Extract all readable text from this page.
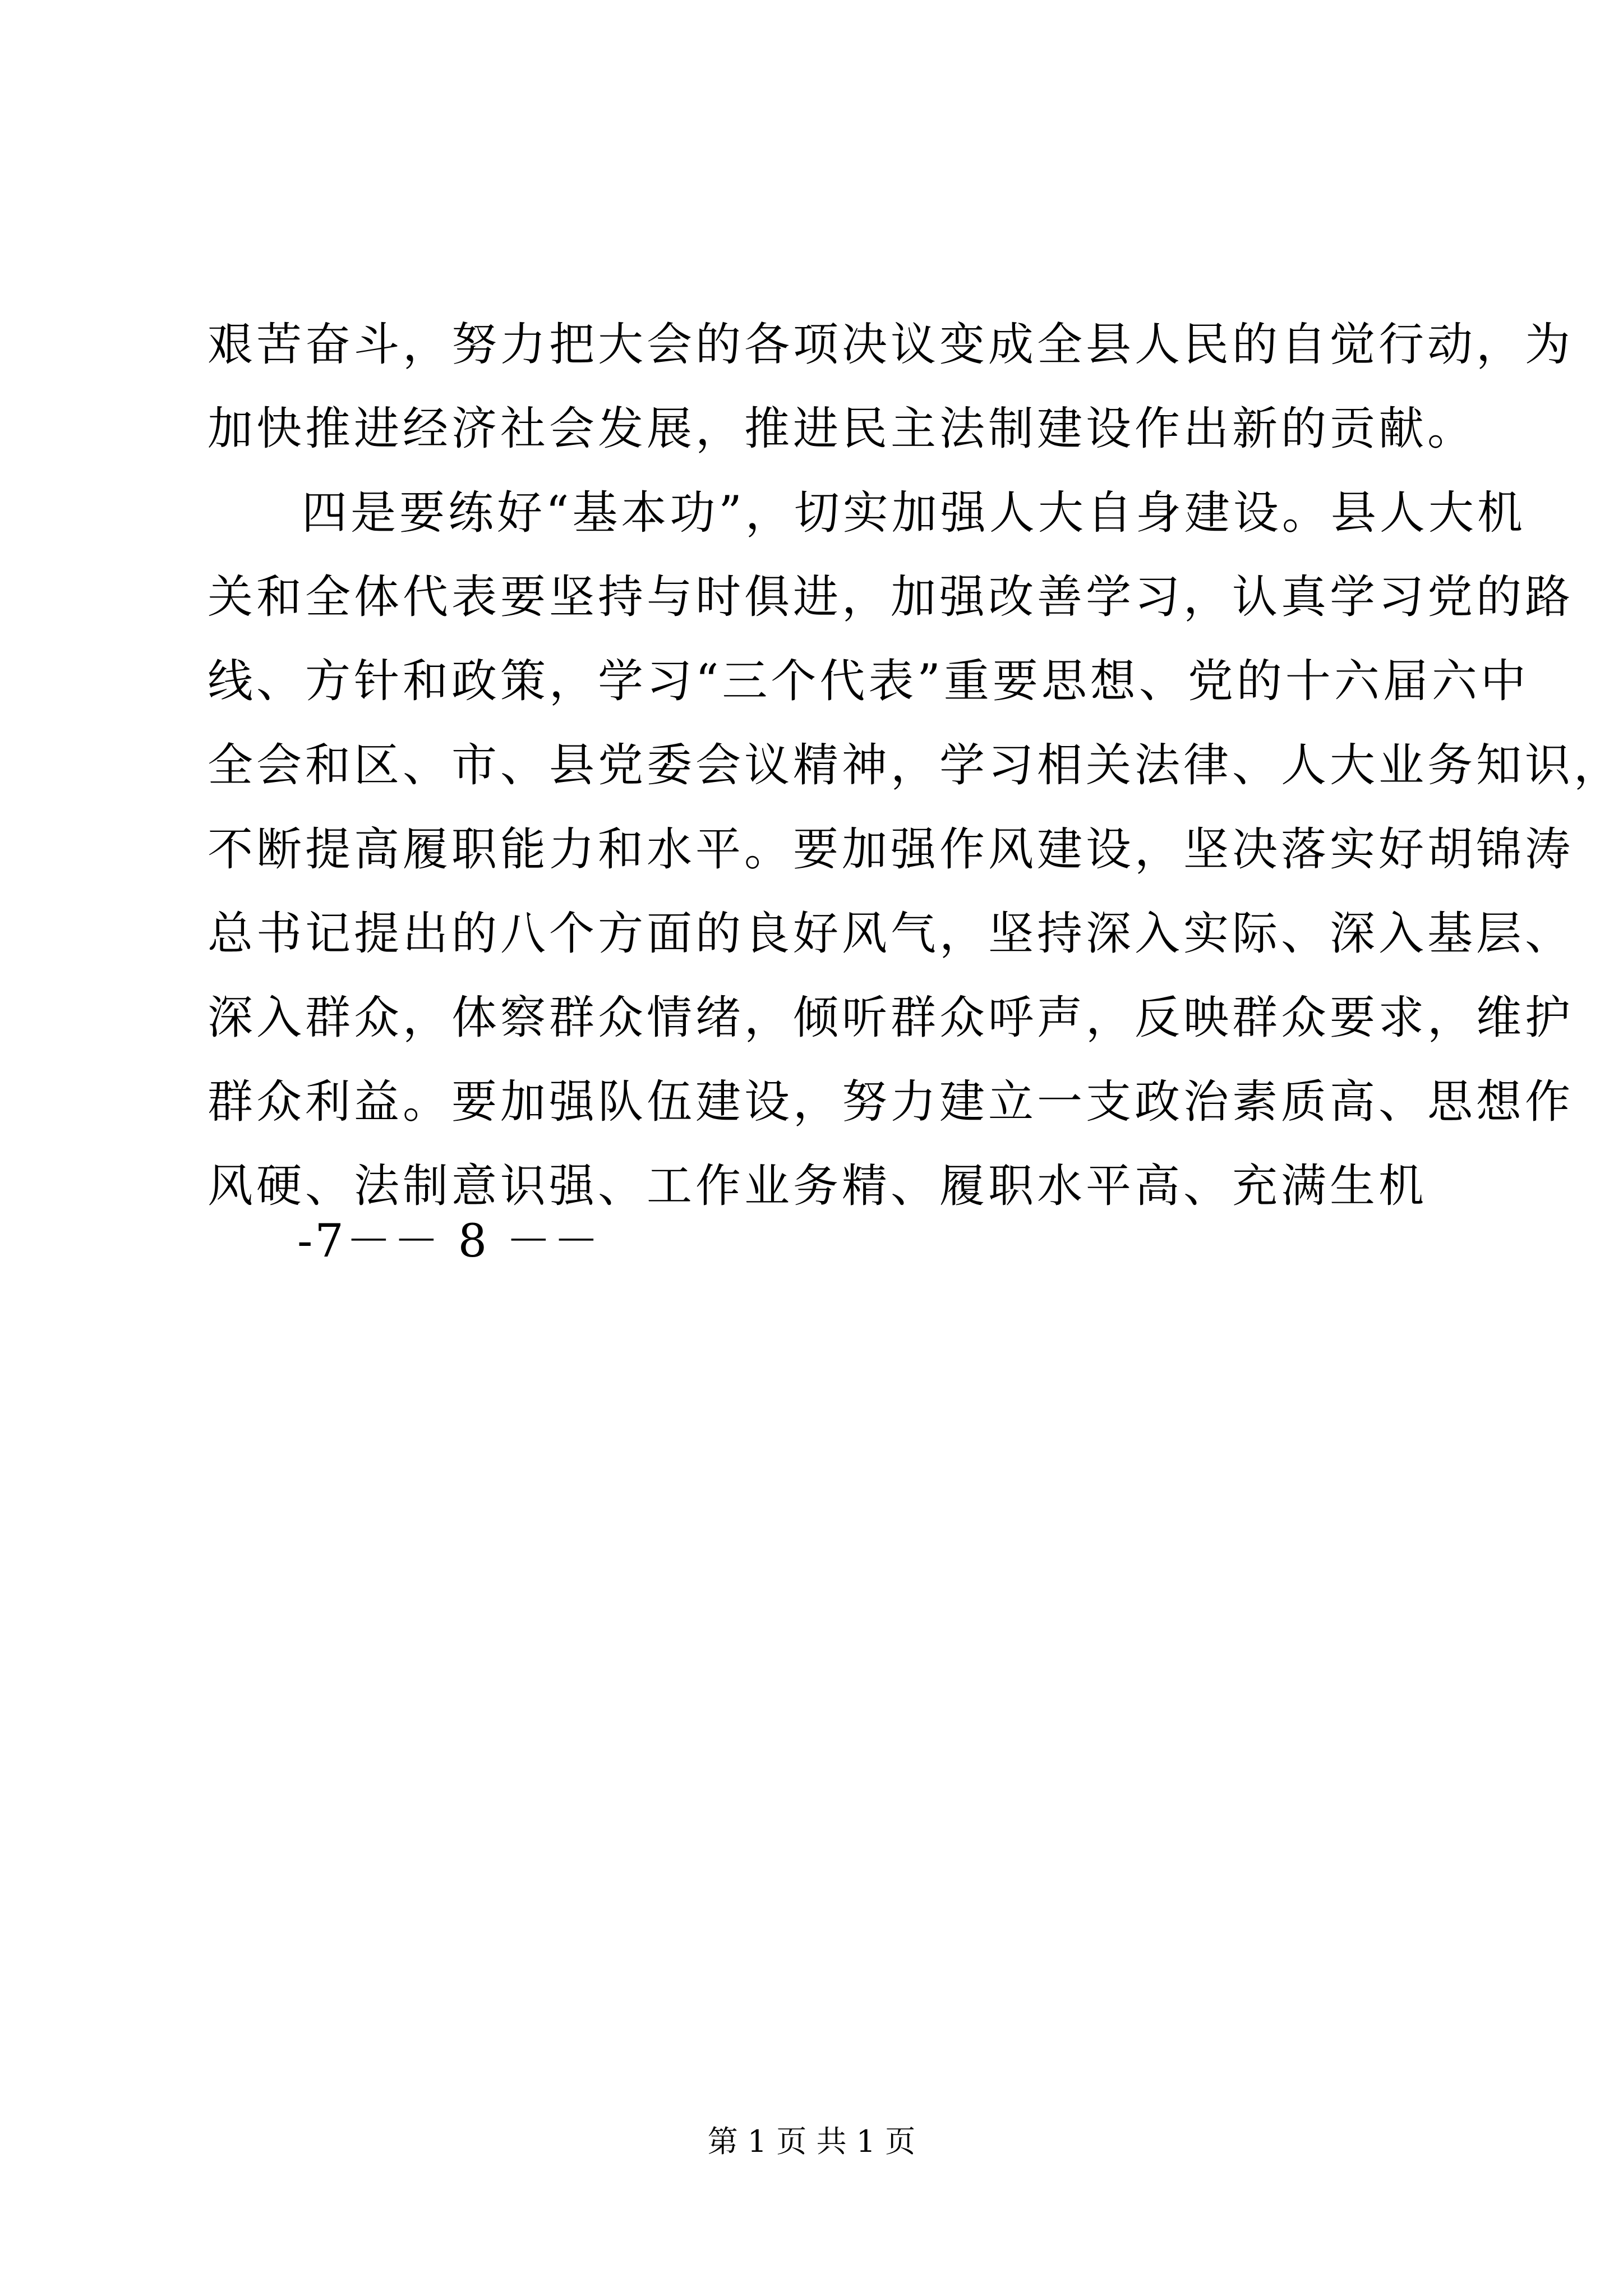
艰苦奋斗，努力把大会的各项决议变成全县人民的自觉行动，为
加快推进经济社会发展，推进民主法制建设作出新的贡献。
四是要练好“基本功”，切实加强人大自身建设。县人大机
关和全体代表要坚持与时俱进，加强改善学习，认真学习党的路
线、方针和政策，学习“三个代表”重要思想、党的十六届六中
全会和区、市、县党委会议精神，学习相关法律、人大业务知识，
不断提高履职能力和水平。要加强作风建设，坚决落实好胡锦涛
总书记提出的八个方面的良好风气，坚持深入实际、深入基层、
深入群众，体察群众情绪，倾听群众呼声，反映群众要求，维护
群众利益。要加强队伍建设，努力建立一支政治素质高、思想作
风硬、法制意识强、工作业务精、履职水平高、充满生机
-7－－ 8 －－
第 1 页 共 1 页
